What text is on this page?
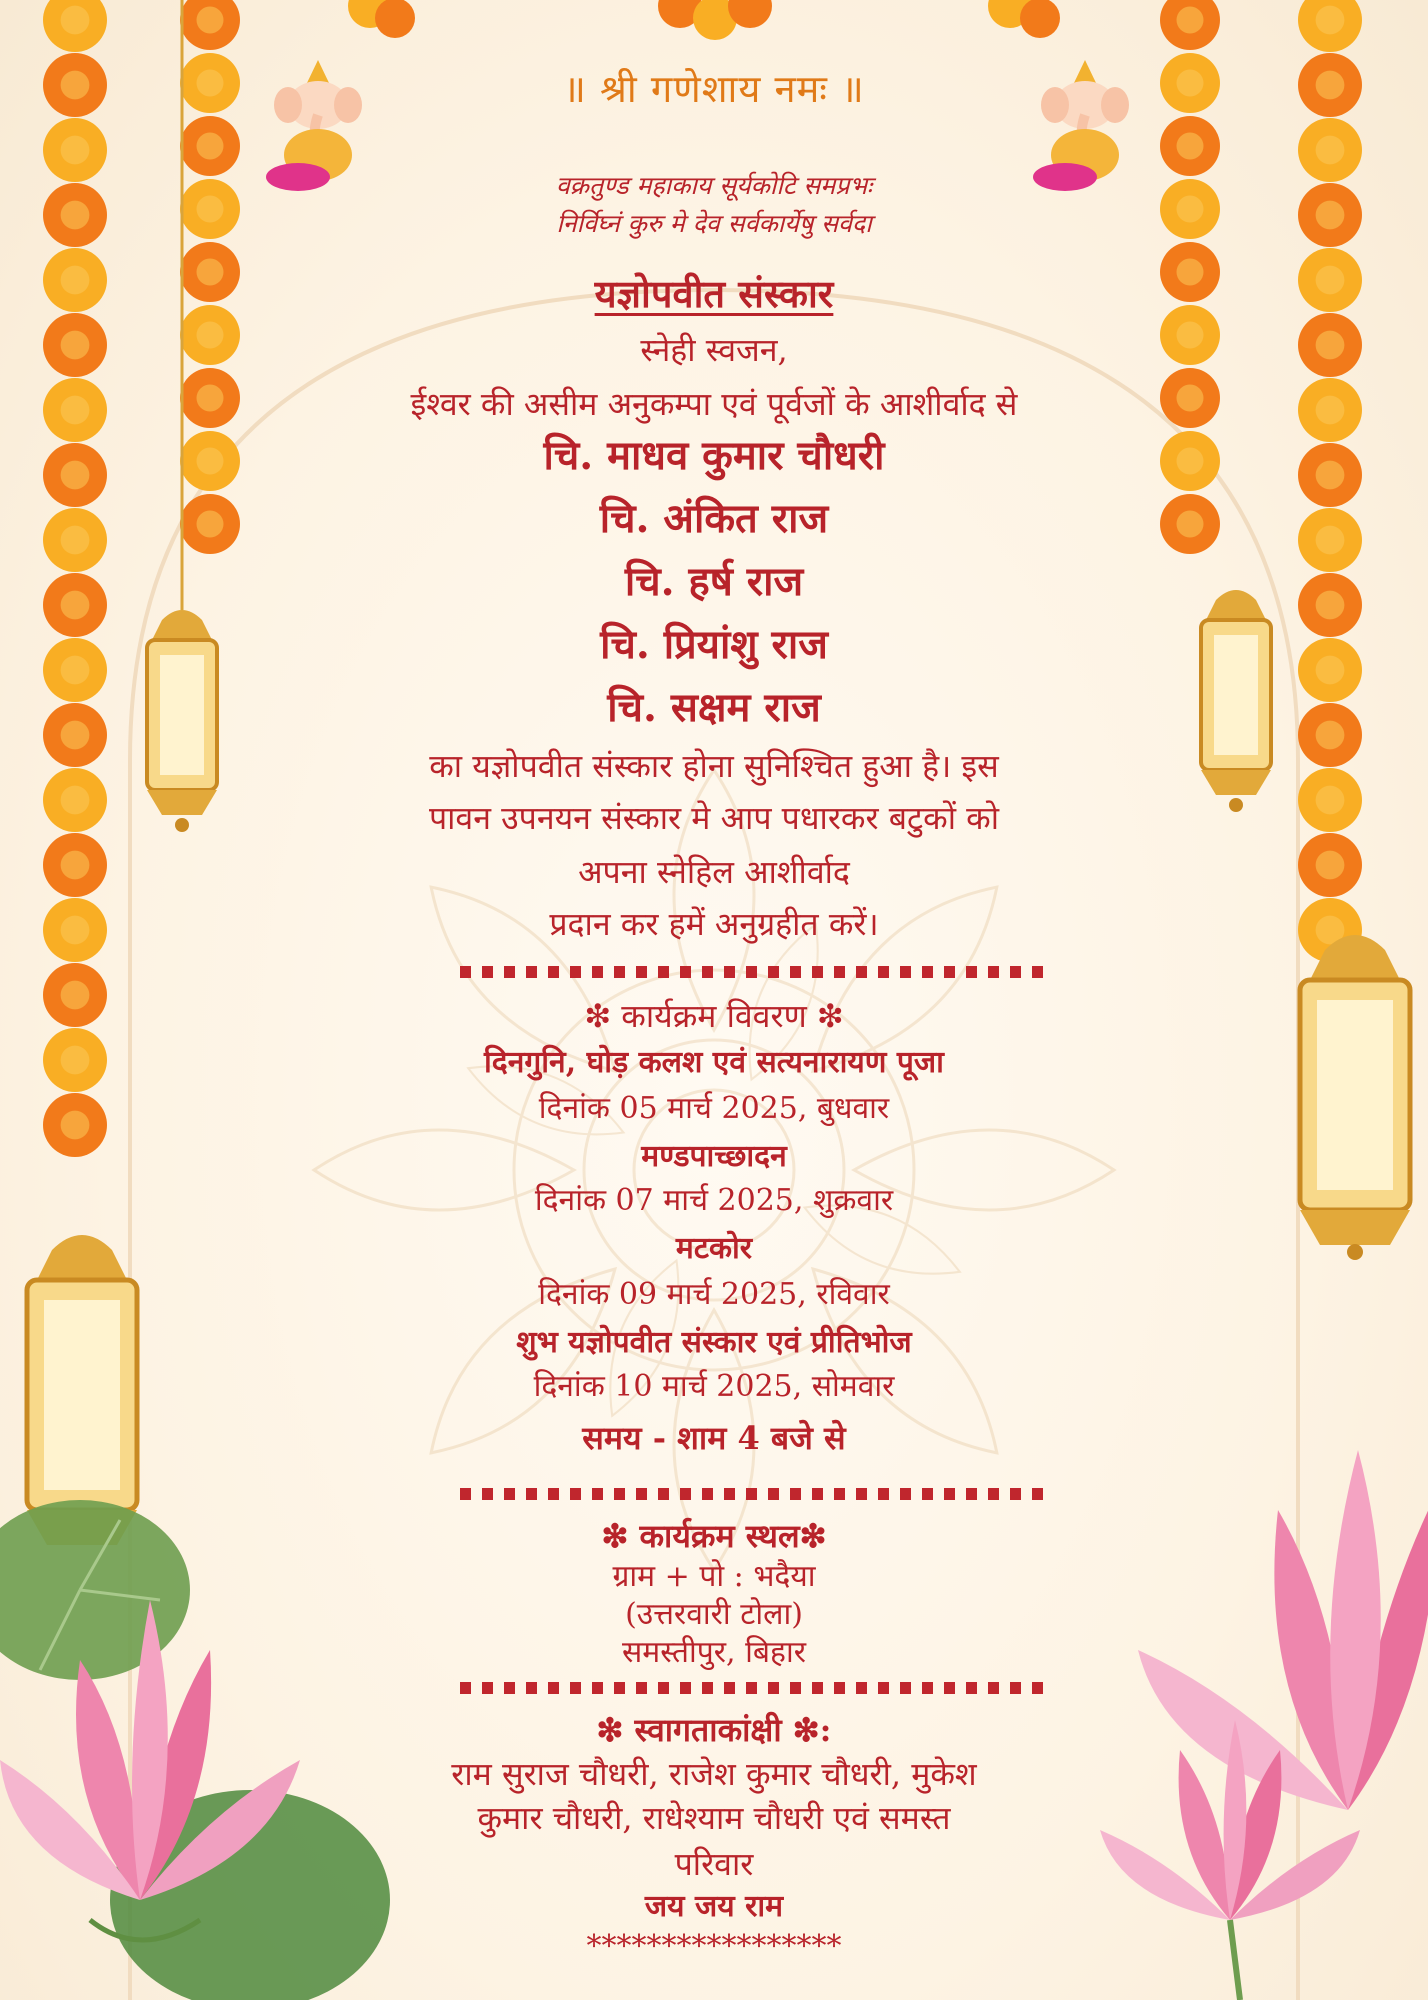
॥ श्री गणेशाय नमः ॥

वक्रतुण्ड महाकाय सूर्यकोटि समप्रभः

निर्विघ्नं कुरु मे देव सर्वकार्येषु सर्वदा

यज्ञोपवीत संस्कार

स्नेही स्वजन,

ईश्वर की असीम अनुकम्पा एवं पूर्वजों के आशीर्वाद से

चि. माधव कुमार चौधरी

चि. अंकित राज

चि. हर्ष राज

चि. प्रियांशु राज

चि. सक्षम राज

का यज्ञोपवीत संस्कार होना सुनिश्चित हुआ है। इस

पावन उपनयन संस्कार मे आप पधारकर बटुकों को

अपना स्नेहिल आशीर्वाद

प्रदान कर हमें अनुग्रहीत करें।

❇ कार्यक्रम विवरण ❇

दिनगुनि, घोड़ कलश एवं सत्यनारायण पूजा

दिनांक 05 मार्च 2025, बुधवार

मण्डपाच्छादन

दिनांक 07 मार्च 2025, शुक्रवार

मटकोर

दिनांक 09 मार्च 2025, रविवार

शुभ यज्ञोपवीत संस्कार एवं प्रीतिभोज

दिनांक 10 मार्च 2025, सोमवार

समय - शाम 4 बजे से

❇ कार्यक्रम स्थल❇

ग्राम + पो : भदैया

(उत्तरवारी टोला)

समस्तीपुर, बिहार

❇ स्वागताकांक्षी ❇:

राम सुराज चौधरी, राजेश कुमार चौधरी, मुकेश

कुमार चौधरी, राधेश्याम चौधरी एवं समस्त

परिवार

जय जय राम

*****************
